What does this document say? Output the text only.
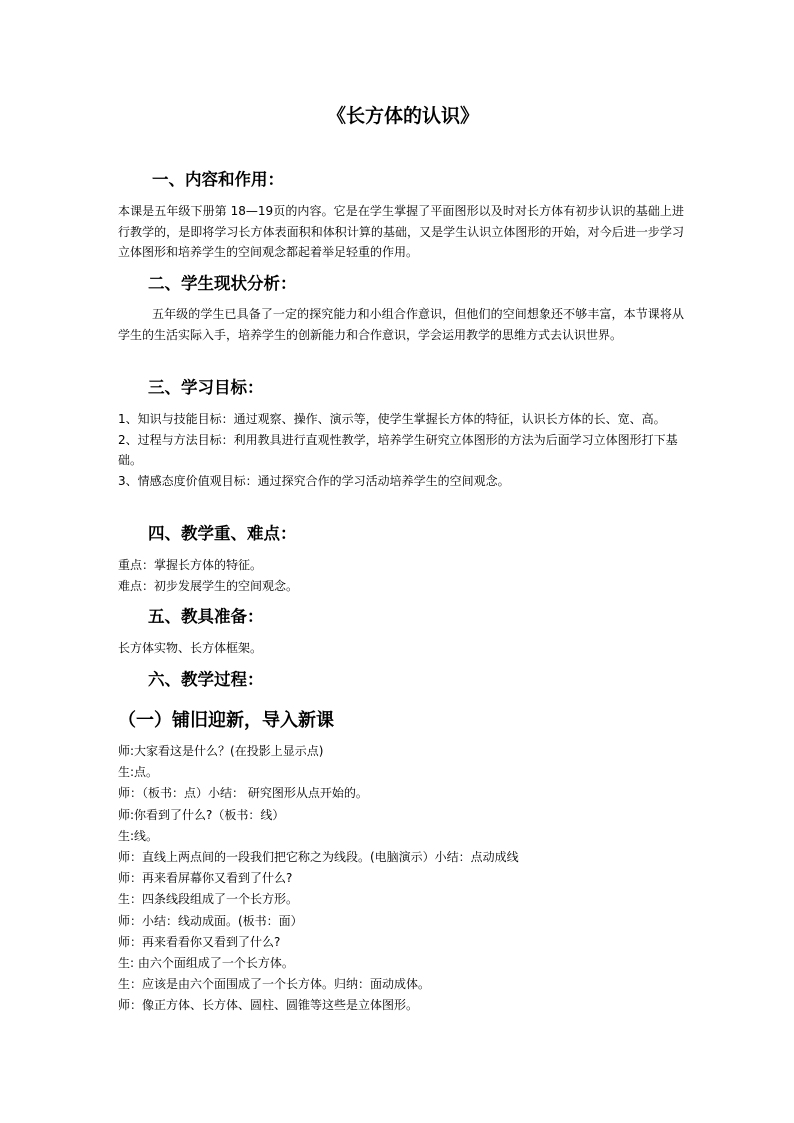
《长方体的认识》
一、内容和作用：
本课是五年级下册第 18—19页的内容。它是在学生掌握了平面图形以及时对长方体有初步认识的基础上进行教学的，是即将学习长方体表面积和体积计算的基础，又是学生认识立体图形的开始，对今后进一步学习立体图形和培养学生的空间观念都起着举足轻重的作用。
二、学生现状分析：
五年级的学生已具备了一定的探究能力和小组合作意识，但他们的空间想象还不够丰富，本节课将从学生的生活实际入手，培养学生的创新能力和合作意识，学会运用教学的思维方式去认识世界。
三、学习目标：
1、知识与技能目标：通过观察、操作、演示等，使学生掌握长方体的特征，认识长方体的长、宽、高。
2、过程与方法目标：利用教具进行直观性教学，培养学生研究立体图形的方法为后面学习立体图形打下基础。
3、情感态度价值观目标：通过探究合作的学习活动培养学生的空间观念。
四、教学重、难点：
重点：掌握长方体的特征。
难点：初步发展学生的空间观念。
五、教具准备：
长方体实物、长方体框架。
六、教学过程：
（一）铺旧迎新，导入新课
师:大家看这是什么？(在投影上显示点)
生:点。
师：（板书：点）小结： 研究图形从点开始的。
师:你看到了什么?（板书：线）
生:线。
师：直线上两点间的一段我们把它称之为线段。(电脑演示）小结：点动成线
师：再来看屏幕你又看到了什么?
生：四条线段组成了一个长方形。
师：小结：线动成面。(板书：面）
师：再来看看你又看到了什么?
生: 由六个面组成了一个长方体。
生：应该是由六个面围成了一个长方体。归纳：面动成体。
师：像正方体、长方体、圆柱、圆锥等这些是立体图形。
